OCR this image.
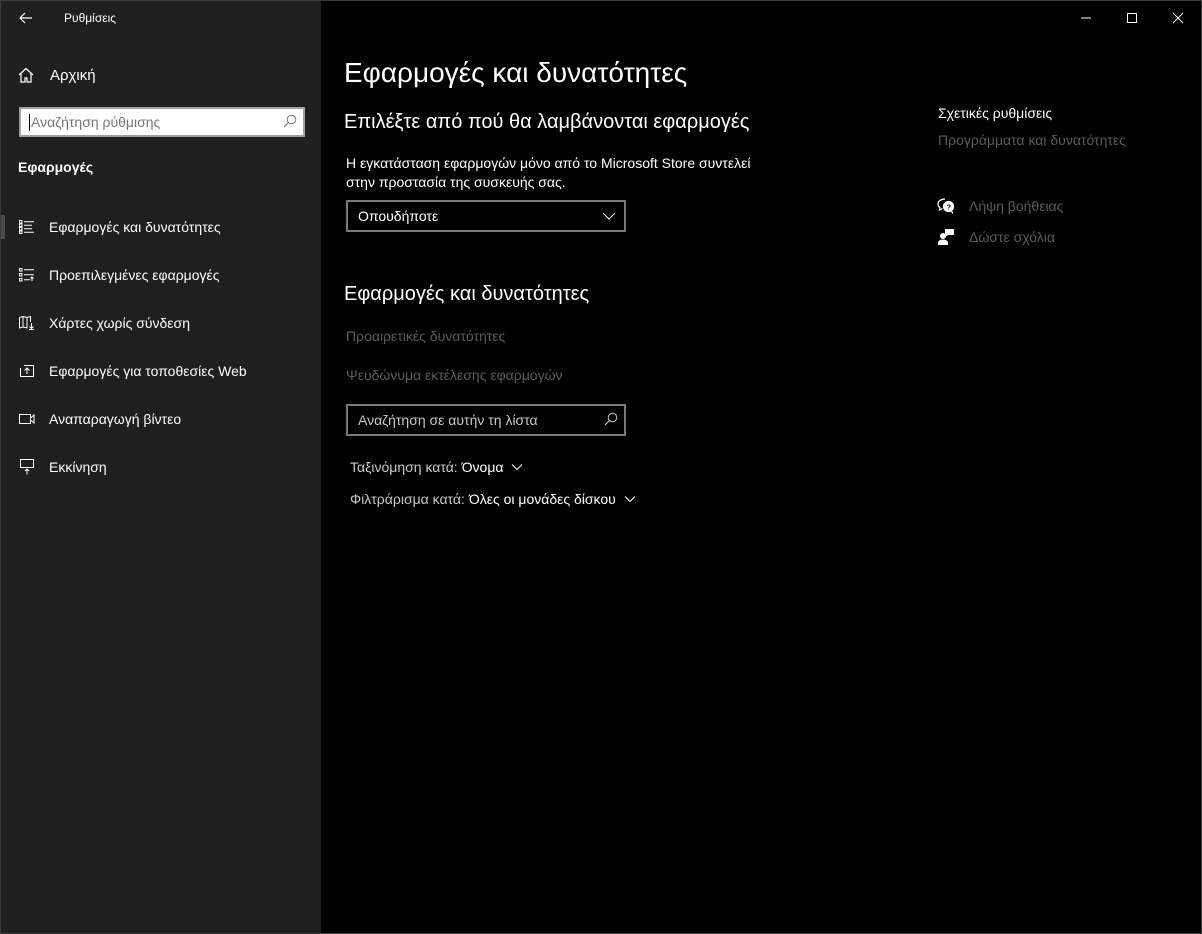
Ρυθμίσεις
Αρχική
Αναζήτηση ρύθμισης
Εφαρμογές
Εφαρμογές και δυνατότητες
Προεπιλεγμένες εφαρμογές
Χάρτες χωρίς σύνδεση
Εφαρμογές για τοποθεσίες Web
Αναπαραγωγή βίντεο
Εκκίνηση
Εφαρμογές και δυνατότητες
Επιλέξτε από πού θα λαμβάνονται εφαρμογές
Η εγκατάσταση εφαρμογών μόνο από το Microsoft Store συντελεί στην προστασία της συσκευής σας.
Οπουδήποτε
Εφαρμογές και δυνατότητες
Προαιρετικές δυνατότητες
Ψευδώνυμα εκτέλεσης εφαρμογών
Αναζήτηση σε αυτήν τη λίστα
Ταξινόμηση κατά: Όνομα
Φιλτράρισμα κατά: Όλες οι μονάδες δίσκου
Σχετικές ρυθμίσεις
Προγράμματα και δυνατότητες
? Λήψη βοήθειας
Δώστε σχόλια
